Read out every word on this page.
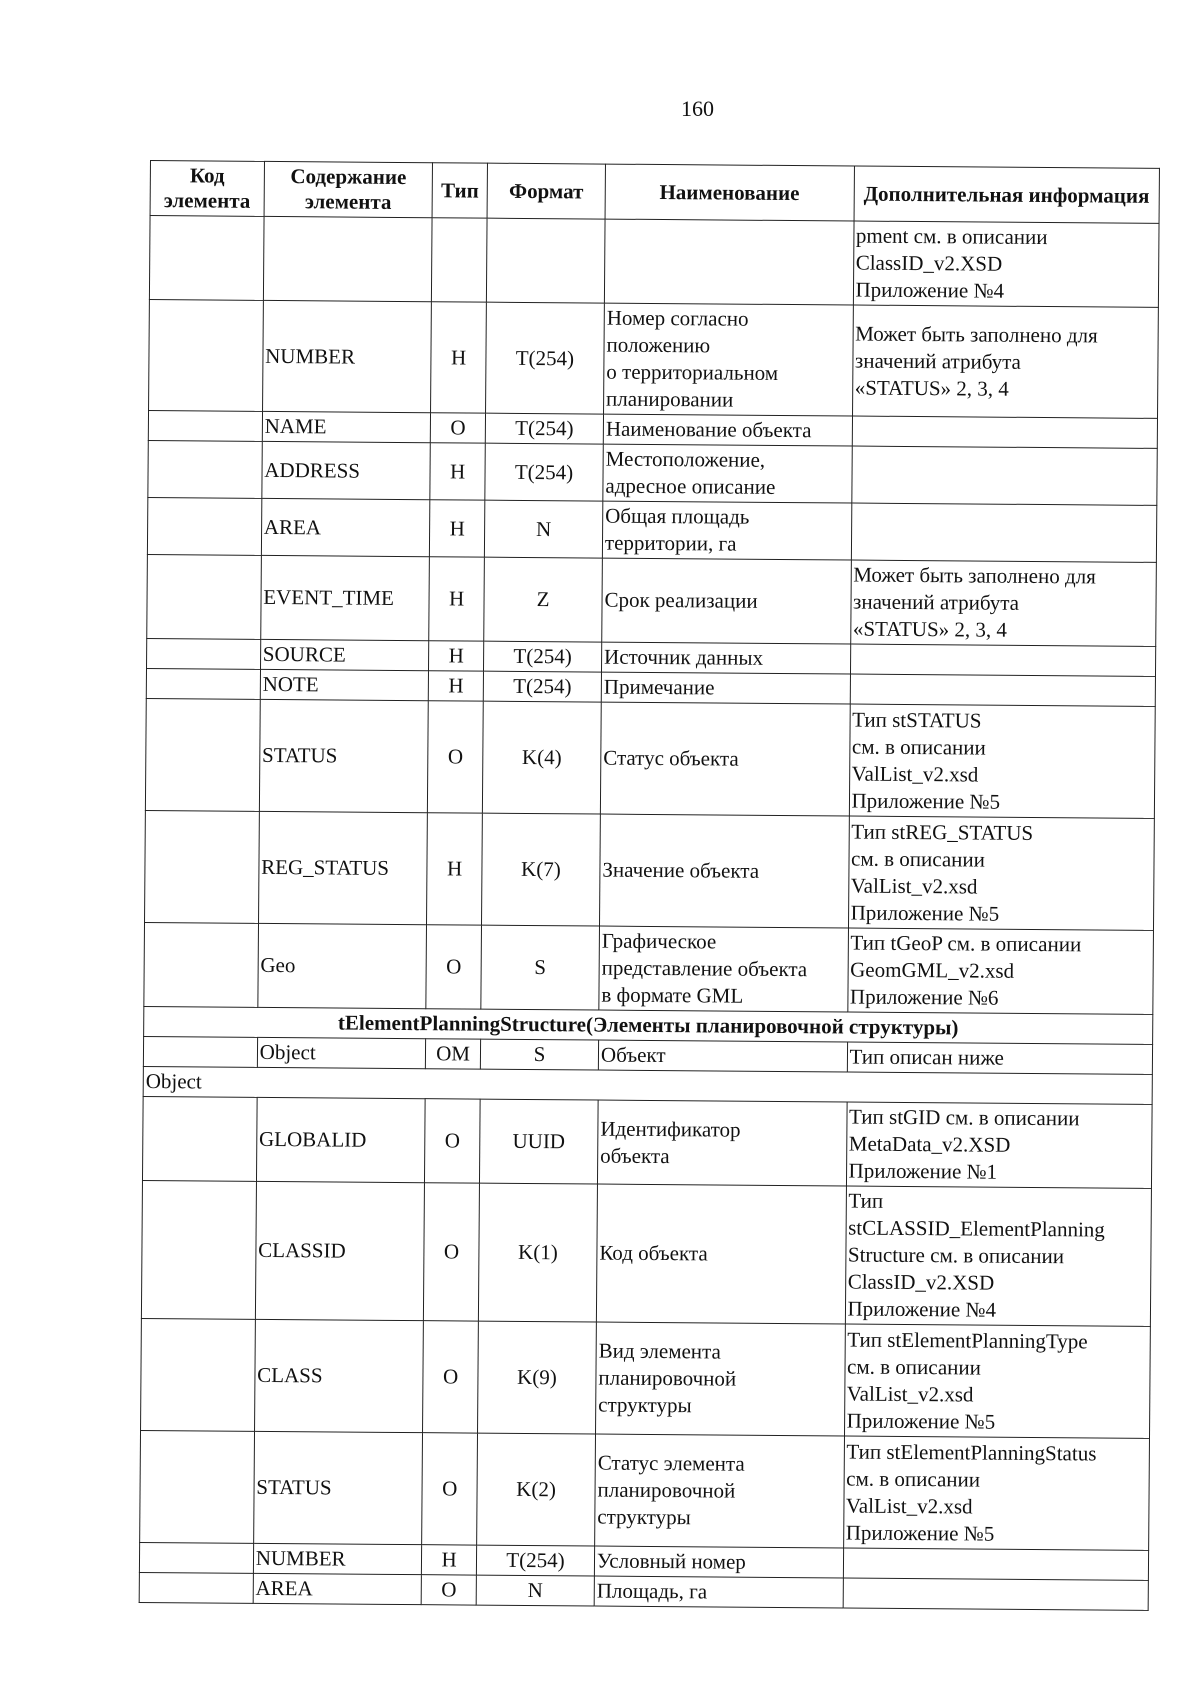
160
Код элемента	Содержание элемента	Тип	Формат	Наименование	Дополнительная информация
					pment см. в описании
ClassID_v2.XSD
Приложение №4
	NUMBER	Н	T(254)	Номер согласно
положению
о территориальном
планировании	Может быть заполнено для
значений атрибута
«STATUS» 2, 3, 4
	NAME	О	T(254)	Наименование объекта	
	ADDRESS	Н	T(254)	Местоположение,
адресное описание	
	AREA	Н	N	Общая площадь
территории, га	
	EVENT_TIME	Н	Z	Срок реализации	Может быть заполнено для
значений атрибута
«STATUS» 2, 3, 4
	SOURCE	Н	T(254)	Источник данных	
	NOTE	Н	T(254)	Примечание	
	STATUS	О	K(4)	Статус объекта	Тип stSTATUS
см. в описании
ValList_v2.xsd
Приложение №5
	REG_STATUS	Н	K(7)	Значение объекта	Тип stREG_STATUS
см. в описании
ValList_v2.xsd
Приложение №5
	Geo	О	S	Графическое
представление объекта
в формате GML	Тип tGeoP см. в описании
GeomGML_v2.xsd
Приложение №6
tElementPlanningStructure(Элементы планировочной структуры)					
	Object	ОМ	S	Объект	Тип описан ниже
Object					
	GLOBALID	О	UUID	Идентификатор
объекта	Тип stGID см. в описании
MetaData_v2.XSD
Приложение №1
	CLASSID	О	K(1)	Код объекта	Тип
stCLASSID_ElementPlanning
Structure см. в описании
ClassID_v2.XSD
Приложение №4
	CLASS	О	K(9)	Вид элемента
планировочной
структуры	Тип stElementPlanningType
см. в описании
ValList_v2.xsd
Приложение №5
	STATUS	О	K(2)	Статус элемента
планировочной
структуры	Тип stElementPlanningStatus
см. в описании
ValList_v2.xsd
Приложение №5
	NUMBER	Н	T(254)	Условный номер	
	AREA	О	N	Площадь, га	
